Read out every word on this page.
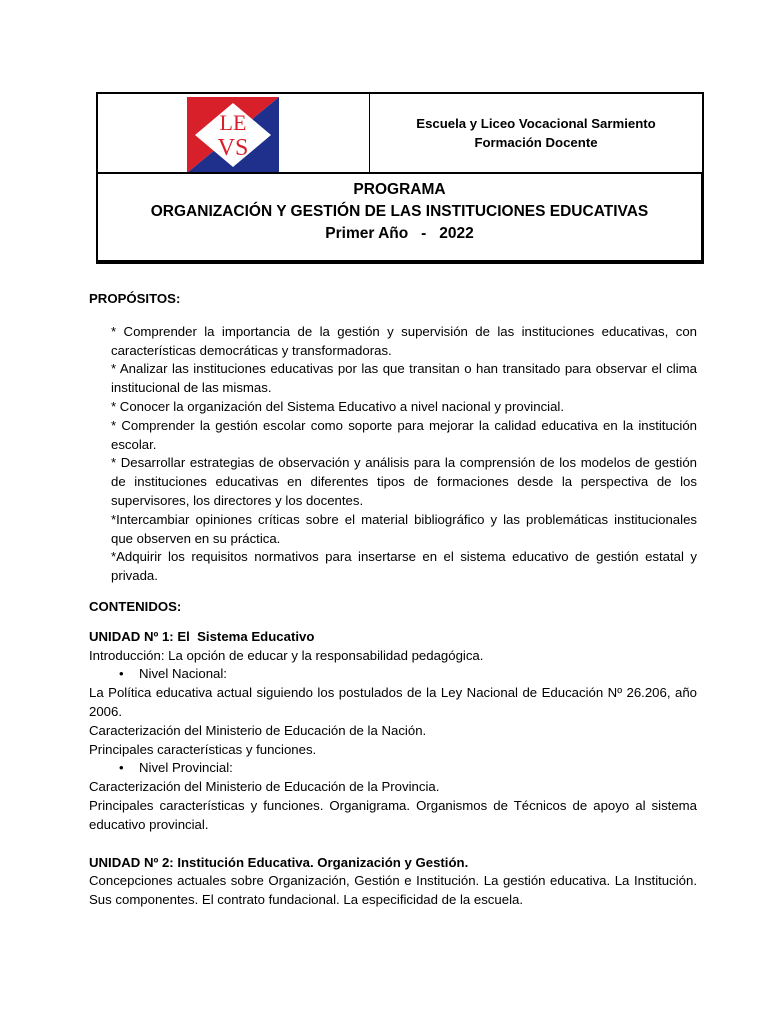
LE
VS
Escuela y Liceo Vocacional Sarmiento
Formación Docente
PROGRAMA
ORGANIZACIÓN Y GESTIÓN DE LAS INSTITUCIONES EDUCATIVAS
Primer Año   -   2022

PROPÓSITOS:

* Comprender la importancia de la gestión y supervisión de las instituciones educativas, con características democráticas y transformadoras.

* Analizar las instituciones educativas por las que transitan o han transitado para observar el clima institucional de las mismas.

* Conocer la organización del Sistema Educativo a nivel nacional y provincial.

* Comprender la gestión escolar como soporte para mejorar la calidad educativa en la institución escolar.

* Desarrollar estrategias de observación y análisis para la comprensión de los modelos de gestión de instituciones educativas en diferentes tipos de formaciones desde la perspectiva de los supervisores, los directores y los docentes.

*Intercambiar opiniones críticas sobre el material bibliográfico y las problemáticas institucionales que observen en su práctica.

*Adquirir los requisitos normativos para insertarse en el sistema educativo de gestión estatal y privada.

CONTENIDOS:

UNIDAD Nº 1: El  Sistema Educativo

Introducción: La opción de educar y la responsabilidad pedagógica.

• Nivel Nacional:

La Política educativa actual siguiendo los postulados de la Ley Nacional de Educación Nº 26.206, año 2006.

Caracterización del Ministerio de Educación de la Nación.

Principales características y funciones.

• Nivel Provincial:

Caracterización del Ministerio de Educación de la Provincia.

Principales características y funciones. Organigrama. Organismos de Técnicos de apoyo al sistema educativo provincial.

UNIDAD Nº 2: Institución Educativa. Organización y Gestión.

Concepciones actuales sobre Organización, Gestión e Institución. La gestión educativa. La Institución. Sus componentes. El contrato fundacional. La especificidad de la escuela.
